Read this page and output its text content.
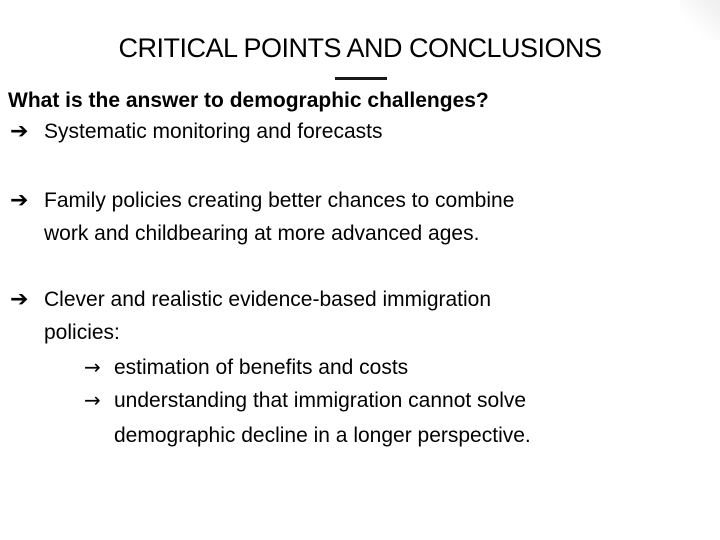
CRITICAL POINTS AND CONCLUSIONS
What is the answer to demographic challenges?
➔ Systematic monitoring and forecasts
➔ Family policies creating better chances to combine
work and childbearing at more advanced ages.
➔ Clever and realistic evidence-based immigration
policies:
→ estimation of benefits and costs
→ understanding that immigration cannot solve
demographic decline in a longer perspective.
